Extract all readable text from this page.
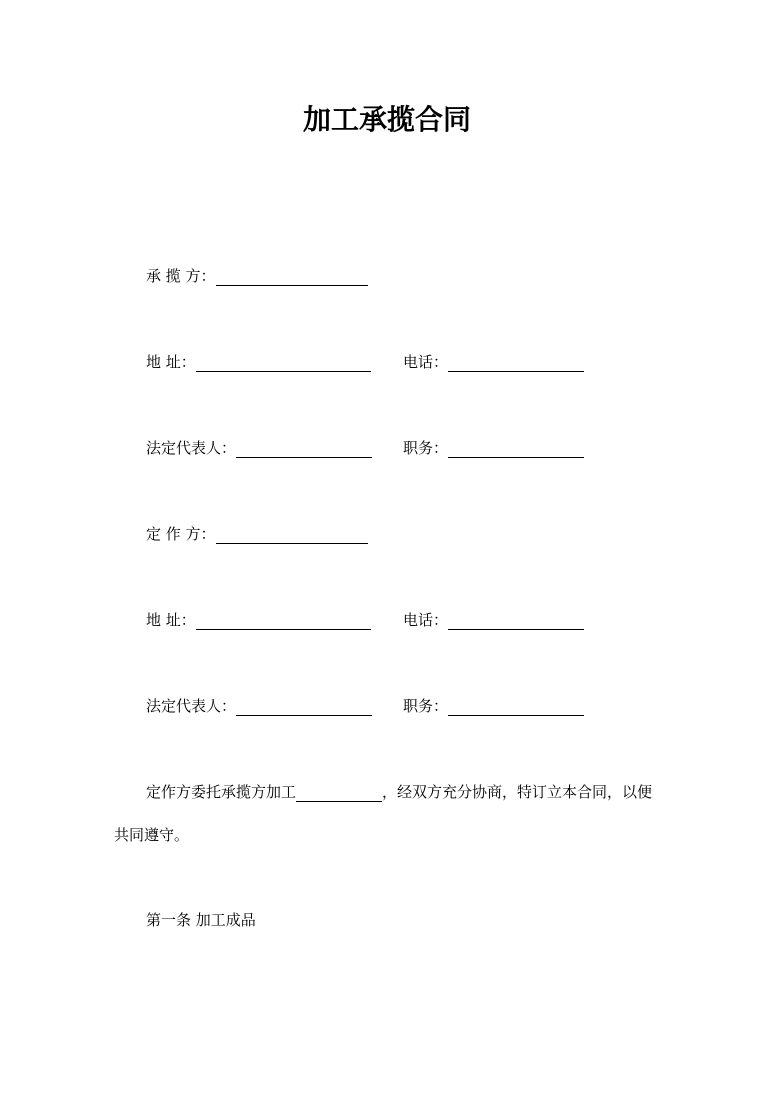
加工承揽合同
承 揽 方：
地 址：	电话：
法定代表人：	职务：
定 作 方：
地 址：	电话：
法定代表人：	职务：
定作方委托承揽方加工	，经双方充分协商，特订立本合同，以便
共同遵守。
第一条 加工成品
